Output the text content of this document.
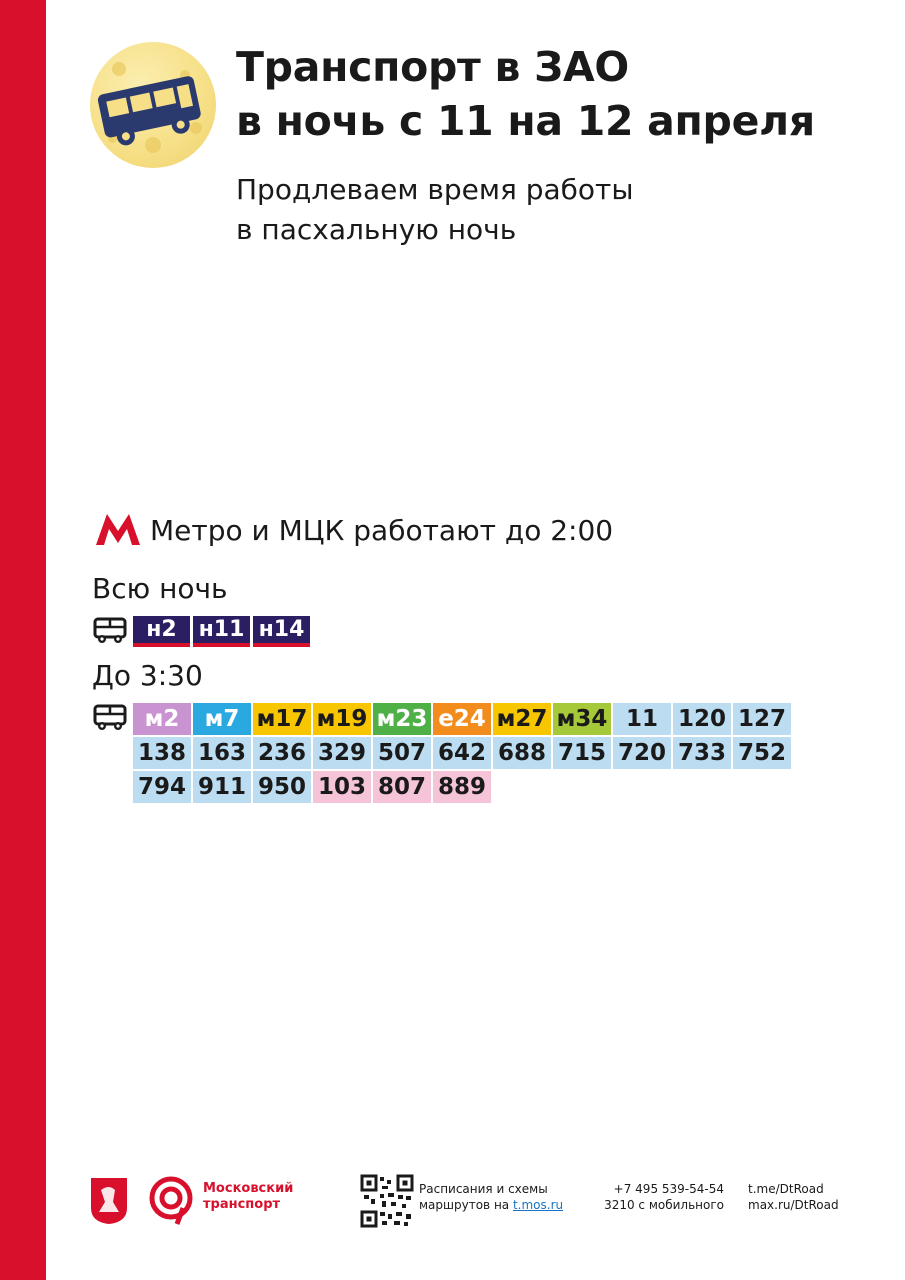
Транспорт в ЗАО
в ночь с 11 на 12 апреля
Продлеваем время работы
в пасхальную ночь
Метро и МЦК работают до 2:00
Всю ночь
н2 н11 н14
До 3:30
м2	м7 м17 м19 м23 е24 м27 м34 11 120 127
138 163 236 329 507 642 688 715 720 733 752
794 911 950 103 807 889
Московский
транспорт
Расписания и схемы
маршрутов на t.mos.ru
+7 495 539-54-54
3210 с мобильного
t.me/DtRoad
max.ru/DtRoad
